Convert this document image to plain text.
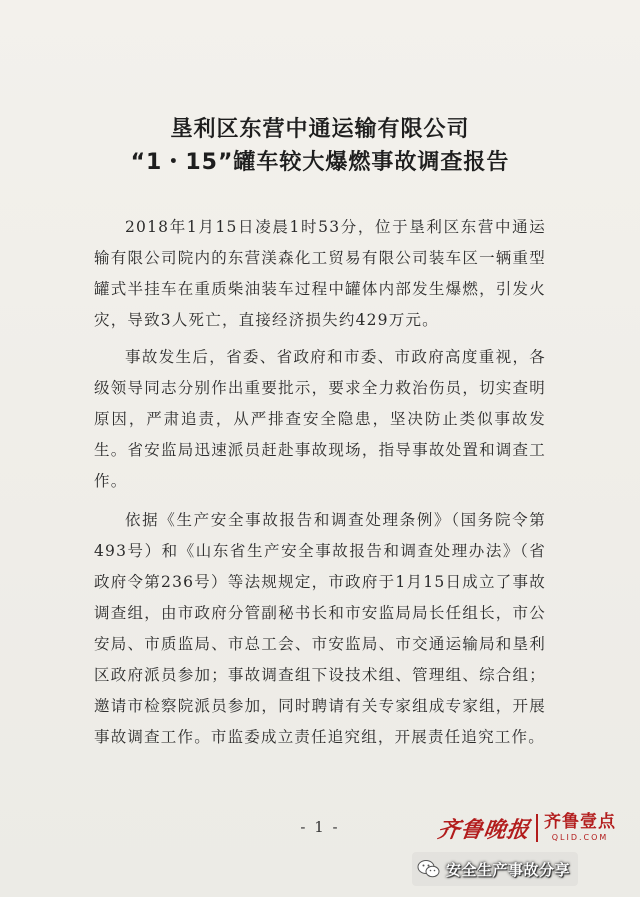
垦利区东营中通运输有限公司
“1・15”罐车较大爆燃事故调查报告

2018年1月15日凌晨1时53分，位于垦利区东营中通运输有限公司院内的东营渼森化工贸易有限公司装车区一辆重型罐式半挂车在重质柴油装车过程中罐体内部发生爆燃，引发火灾，导致3人死亡，直接经济损失约429万元。

事故发生后，省委、省政府和市委、市政府高度重视，各级领导同志分别作出重要批示，要求全力救治伤员，切实查明原因，严肃追责，从严排查安全隐患，坚决防止类似事故发生。省安监局迅速派员赶赴事故现场，指导事故处置和调查工作。

依据《生产安全事故报告和调查处理条例》（国务院令第493号）和《山东省生产安全事故报告和调查处理办法》（省政府令第236号）等法规规定，市政府于1月15日成立了事故调查组，由市政府分管副秘书长和市安监局局长任组长，市公安局、市质监局、市总工会、市安监局、市交通运输局和垦利区政府派员参加；事故调查组下设技术组、管理组、综合组；邀请市检察院派员参加，同时聘请有关专家组成专家组，开展事故调查工作。市监委成立责任追究组，开展责任追究工作。

- 1 -	齐鲁晚报 齐鲁壹点
QLID.COM
安全生产事故分享
